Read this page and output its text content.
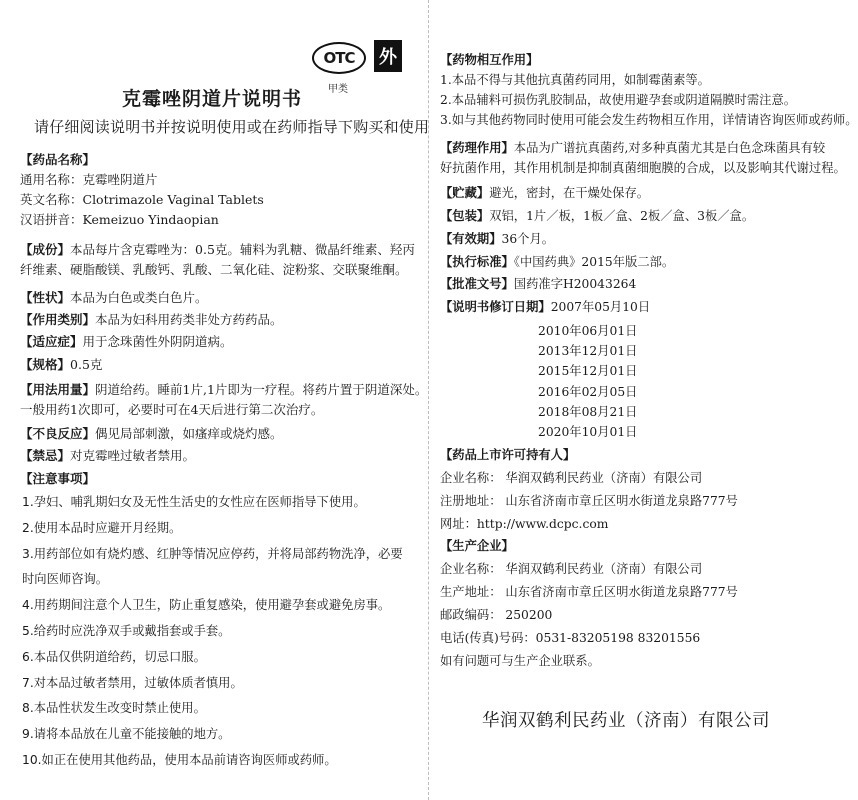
OTC	外
甲类
克霉唑阴道片说明书
请仔细阅读说明书并按说明使用或在药师指导下购买和使用
【药品名称】
通用名称：克霉唑阴道片
英文名称：Clotrimazole Vaginal Tablets
汉语拼音：Kemeizuo Yindaopian
【成份】本品每片含克霉唑为：0.5克。辅料为乳糖、微晶纤维素、羟丙
纤维素、硬脂酸镁、乳酸钙、乳酸、二氧化硅、淀粉浆、交联聚维酮。
【性状】本品为白色或类白色片。
【作用类别】本品为妇科用药类非处方药药品。
【适应症】用于念珠菌性外阴阴道病。
【规格】0.5克
【用法用量】阴道给药。睡前1片,1片即为一疗程。将药片置于阴道深处。
一般用药1次即可，必要时可在4天后进行第二次治疗。
【不良反应】偶见局部刺激，如瘙痒或烧灼感。
【禁忌】对克霉唑过敏者禁用。
【注意事项】
1.孕妇、哺乳期妇女及无性生活史的女性应在医师指导下使用。
2.使用本品时应避开月经期。
3.用药部位如有烧灼感、红肿等情况应停药，并将局部药物洗净，必要
时向医师咨询。
4.用药期间注意个人卫生，防止重复感染，使用避孕套或避免房事。
5.给药时应洗净双手或戴指套或手套。
6.本品仅供阴道给药，切忌口服。
7.对本品过敏者禁用，过敏体质者慎用。
8.本品性状发生改变时禁止使用。
9.请将本品放在儿童不能接触的地方。
10.如正在使用其他药品，使用本品前请咨询医师或药师。
【药物相互作用】
1.本品不得与其他抗真菌药同用，如制霉菌素等。
2.本品辅料可损伤乳胶制品，故使用避孕套或阴道隔膜时需注意。
3.如与其他药物同时使用可能会发生药物相互作用，详情请咨询医师或药师。
【药理作用】本品为广谱抗真菌药,对多种真菌尤其是白色念珠菌具有较
好抗菌作用，其作用机制是抑制真菌细胞膜的合成，以及影响其代谢过程。
【贮藏】避光，密封，在干燥处保存。
【包装】双铝，1片／板，1板／盒、2板／盒、3板／盒。
【有效期】36个月。
【执行标准】《中国药典》2015年版二部。
【批准文号】国药准字H20043264
【说明书修订日期】2007年05月10日
2010年06月01日
2013年12月01日
2015年12月01日
2016年02月05日
2018年08月21日
2020年10月01日
【药品上市许可持有人】
企业名称： 华润双鹤利民药业（济南）有限公司
注册地址： 山东省济南市章丘区明水街道龙泉路777号
网址：http://www.dcpc.com
【生产企业】
企业名称： 华润双鹤利民药业（济南）有限公司
生产地址： 山东省济南市章丘区明水街道龙泉路777号
邮政编码： 250200
电话(传真)号码：0531-83205198 83201556
如有问题可与生产企业联系。
华润双鹤利民药业（济南）有限公司
